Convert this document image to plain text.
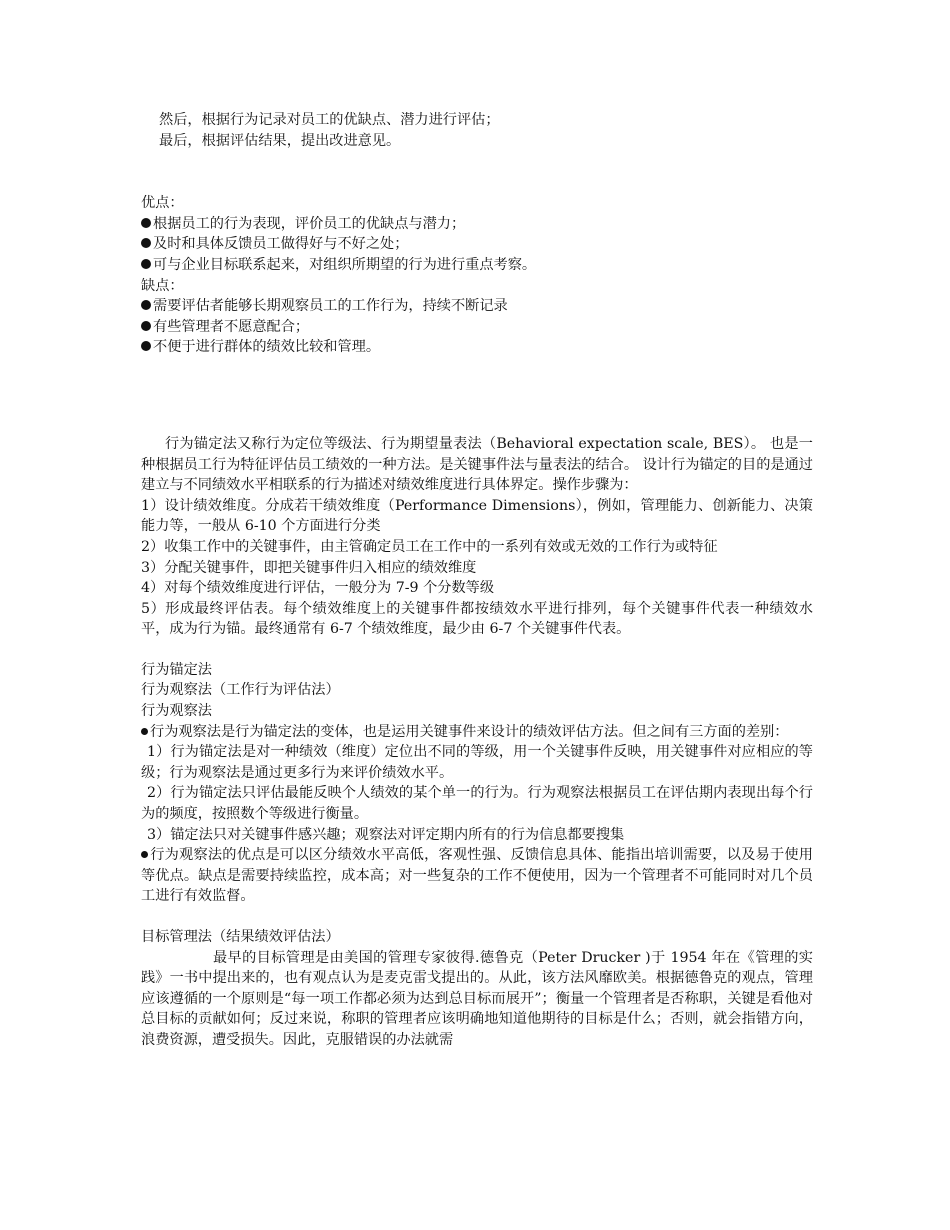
然后，根据行为记录对员工的优缺点、潜力进行评估；
最后，根据评估结果，提出改进意见。
优点：
根据员工的行为表现，评价员工的优缺点与潜力；
及时和具体反馈员工做得好与不好之处；
可与企业目标联系起来，对组织所期望的行为进行重点考察。
缺点：
需要评估者能够长期观察员工的工作行为，持续不断记录
有些管理者不愿意配合；
不便于进行群体的绩效比较和管理。
行为锚定法又称行为定位等级法、行为期望量表法（Behavioral expectation scale, BES）。 也是一种根据员工行为特征评估员工绩效的一种方法。是关键事件法与量表法的结合。 设计行为锚定的目的是通过建立与不同绩效水平相联系的行为描述对绩效维度进行具体界定。操作步骤为：
1）设计绩效维度。分成若干绩效维度（Performance Dimensions），例如，管理能力、创新能力、决策能力等，一般从 6-10 个方面进行分类
2）收集工作中的关键事件，由主管确定员工在工作中的一系列有效或无效的工作行为或特征
3）分配关键事件，即把关键事件归入相应的绩效维度
4）对每个绩效维度进行评估，一般分为 7-9 个分数等级
5）形成最终评估表。每个绩效维度上的关键事件都按绩效水平进行排列，每个关键事件代表一种绩效水平，成为行为锚。最终通常有 6-7 个绩效维度，最少由 6-7 个关键事件代表。
行为锚定法
行为观察法（工作行为评估法）
行为观察法
行为观察法是行为锚定法的变体，也是运用关键事件来设计的绩效评估方法。但之间有三方面的差别：
1）行为锚定法是对一种绩效（维度）定位出不同的等级，用一个关键事件反映，用关键事件对应相应的等级；行为观察法是通过更多行为来评价绩效水平。
2）行为锚定法只评估最能反映个人绩效的某个单一的行为。行为观察法根据员工在评估期内表现出每个行为的频度，按照数个等级进行衡量。
3）锚定法只对关键事件感兴趣；观察法对评定期内所有的行为信息都要搜集
行为观察法的优点是可以区分绩效水平高低，客观性强、反馈信息具体、能指出培训需要，以及易于使用等优点。缺点是需要持续监控，成本高；对一些复杂的工作不便使用，因为一个管理者不可能同时对几个员工进行有效监督。
目标管理法（结果绩效评估法）
最早的目标管理是由美国的管理专家彼得.德鲁克（Peter Drucker )于 1954 年在《管理的实践》一书中提出来的，也有观点认为是麦克雷戈提出的。从此，该方法风靡欧美。根据德鲁克的观点，管理应该遵循的一个原则是“每一项工作都必须为达到总目标而展开”；衡量一个管理者是否称职，关键是看他对总目标的贡献如何；反过来说，称职的管理者应该明确地知道他期待的目标是什么；否则，就会指错方向，浪费资源，遭受损失。因此，克服错误的办法就需
